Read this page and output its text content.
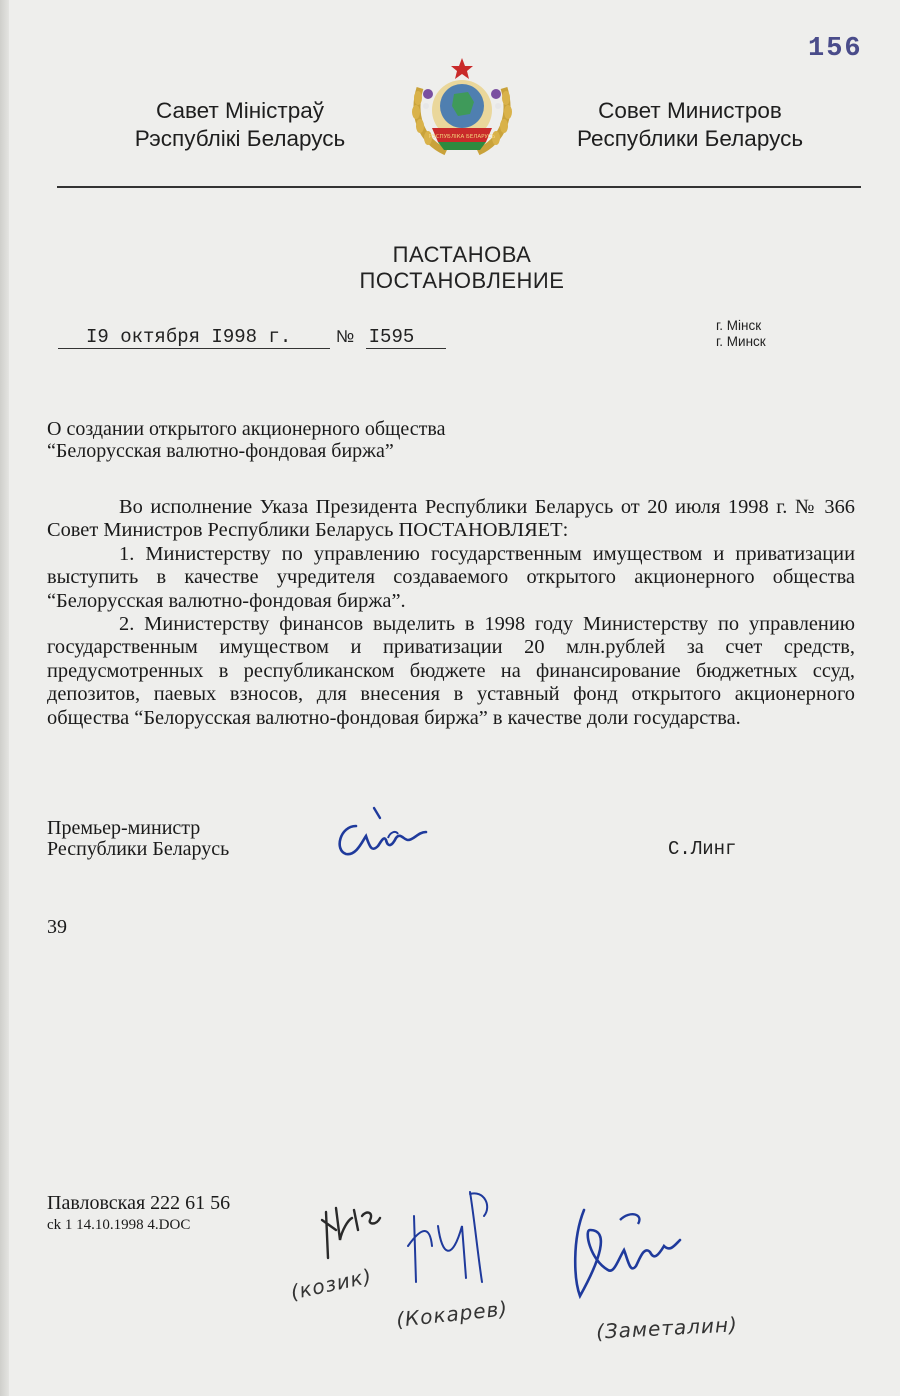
156
Савет Міністраў
Рэспублікі Беларусь	РЭСПУБЛІКА БЕЛАРУСЬ
Совет Министров
Республики Беларусь
ПАСТАНОВА
ПОСТАНОВЛЕНИЕ
I9 октября I998 г.	№ I595
г. Мінск
г. Минск
О создании открытого акционерного общества
“Белорусская валютно-фондовая биржа”

Во исполнение Указа Президента Республики Беларусь от 20 июля 1998 г. № 366 Совет Министров Республики Беларусь ПОСТАНОВЛЯЕТ:

1. Министерству по управлению государственным имуществом и приватизации выступить в качестве учредителя создаваемого открытого акционерного общества “Белорусская валютно-фондовая биржа”.

2. Министерству финансов выделить в 1998 году Министерству по управлению государственным имуществом и приватизации 20 млн.рублей за счет средств, предусмотренных в республиканском бюджете на финансирование бюджетных ссуд, депозитов, паевых взносов, для внесения в уставный фонд открытого акционерного общества “Белорусская валютно-фондовая биржа” в качестве доли государства.

Премьер-министр
Республики Беларусь	С.Линг
39
Павловская 222 61 56
ck 1 14.10.1998 4.DOC
(козик)
(Кокарев)	(Заметалин)
